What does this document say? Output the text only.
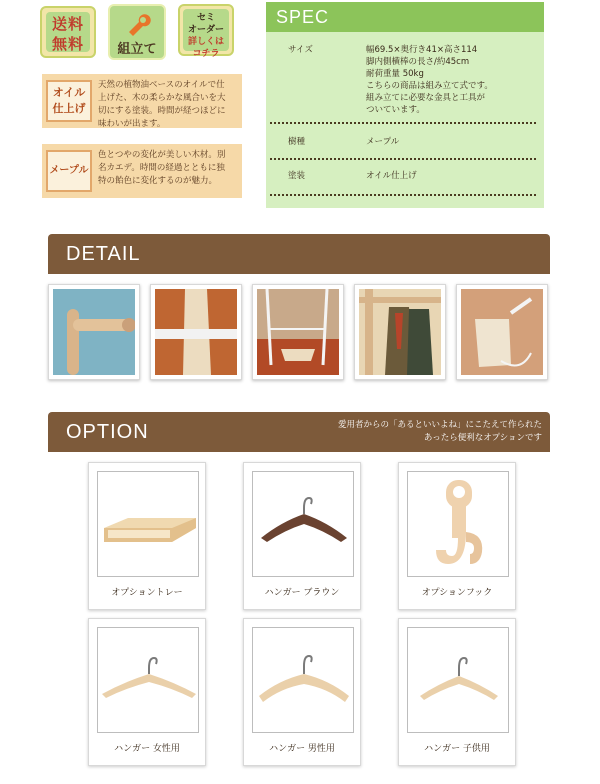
送料
無料	組立て
セミ
オーダー
詳しくは
コチラ
オイル
仕上げ
天然の植物油ベースのオイルで仕
上げた、木の柔らかな風合いを大
切にする塗装。時間が経つほどに
味わいが出ます。
メープル
色とつやの変化が美しい木材。別
名カエデ。時間の経過とともに独
特の飴色に変化するのが魅力。
SPEC
サイズ	幅69.5×奥行き41×高さ114
脚内側横棒の長さ/約45cm
耐荷重量 50kg
こちらの商品は組み立て式です。
組み立てに必要な金具と工具が
ついています。
樹種	メープル
塗装	オイル仕上げ
DETAIL
OPTION	愛用者からの「あるといいよね」にこたえて作られた
あったら便利なオプションです
オプショントレー	ハンガー ブラウン	オプションフック
ハンガー 女性用	ハンガー 男性用	ハンガー 子供用
